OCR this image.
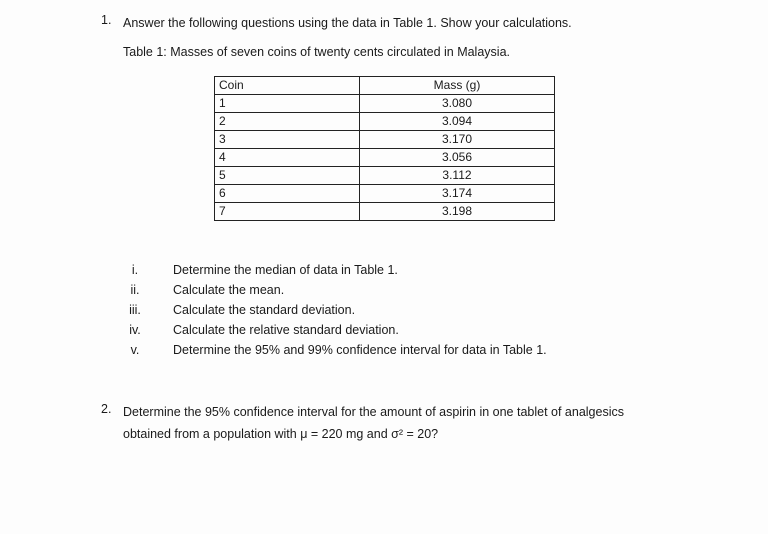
1. Answer the following questions using the data in Table 1. Show your calculations.
Table 1: Masses of seven coins of twenty cents circulated in Malaysia.
Coin	Mass (g)
1	3.080
2	3.094
3	3.170
4	3.056
5	3.112
6	3.174
7	3.198
i.	Determine the median of data in Table 1.
ii.	Calculate the mean.
iii.	Calculate the standard deviation.
iv.	Calculate the relative standard deviation.
v.	Determine the 95% and 99% confidence interval for data in Table 1.
2. Determine the 95% confidence interval for the amount of aspirin in one tablet of analgesics
obtained from a population with μ = 220 mg and σ² = 20?
